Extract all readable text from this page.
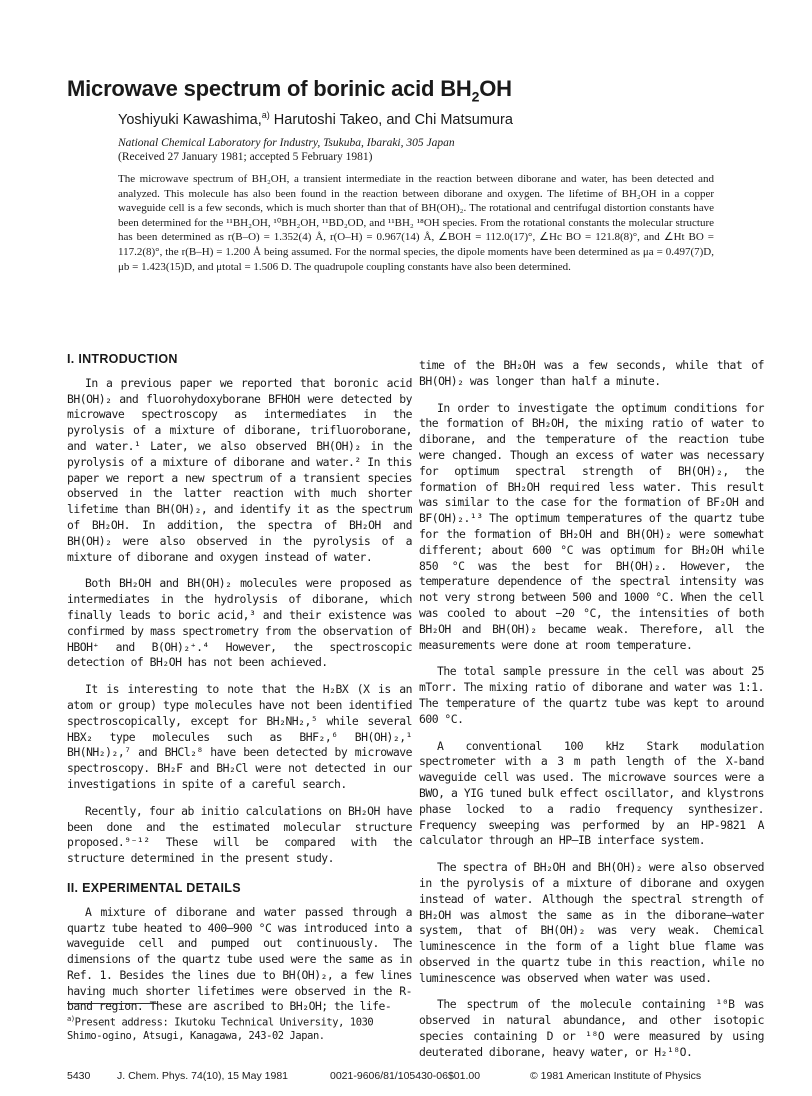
Microwave spectrum of borinic acid $BH_2OH$
Yoshiyuki Kawashima,$^{a)}$ Harutoshi Takeo, and Chi Matsumura
National Chemical Laboratory for Industry, Tsukuba, Ibaraki, 305 Japan
(Received 27 January 1981; accepted 5 February 1981)
The microwave spectrum of BH₂OH, a transient intermediate in the reaction between diborane and water, has been detected and analyzed. This molecule has also been found in the reaction between diborane and oxygen. The lifetime of BH₂OH in a copper waveguide cell is a few seconds, which is much shorter than that of BH(OH)₂. The rotational and centrifugal distortion constants have been determined for the ¹¹BH₂OH, ¹⁰BH₂OH, ¹¹BD₂OD, and ¹¹BH₂ ¹⁸OH species. From the rotational constants the molecular structure has been determined as r(B–O) = 1.352(4) Å, r(O–H) = 0.967(14) Å, ∠BOH = 112.0(17)°, ∠Hc BO = 121.8(8)°, and ∠Ht BO = 117.2(8)°, the r(B–H) = 1.200 Å being assumed. For the normal species, the dipole moments have been determined as μa = 0.497(7)D, μb = 1.423(15)D, and μtotal = 1.506 D. The quadrupole coupling constants have also been determined.
I. INTRODUCTION

In a previous paper we reported that boronic acid BH(OH)₂ and fluorohydoxyborane BFHOH were detected by microwave spectroscopy as intermediates in the pyrolysis of a mixture of diborane, trifluoroborane, and water.¹ Later, we also observed BH(OH)₂ in the pyrolysis of a mixture of diborane and water.² In this paper we report a new spectrum of a transient species observed in the latter reaction with much shorter lifetime than BH(OH)₂, and identify it as the spectrum of BH₂OH. In addition, the spectra of BH₂OH and BH(OH)₂ were also observed in the pyrolysis of a mixture of diborane and oxygen instead of water.

Both BH₂OH and BH(OH)₂ molecules were proposed as intermediates in the hydrolysis of diborane, which finally leads to boric acid,³ and their existence was confirmed by mass spectrometry from the observation of HBOH⁺ and B(OH)₂⁺.⁴ However, the spectroscopic detection of BH₂OH has not been achieved.

It is interesting to note that the H₂BX (X is an atom or group) type molecules have not been identified spectroscopically, except for BH₂NH₂,⁵ while several HBX₂ type molecules such as BHF₂,⁶ BH(OH)₂,¹ BH(NH₂)₂,⁷ and BHCl₂⁸ have been detected by microwave spectroscopy. BH₂F and BH₂Cl were not detected in our investigations in spite of a careful search.

Recently, four ab initio calculations on BH₂OH have been done and the estimated molecular structure proposed.⁹⁻¹² These will be compared with the structure determined in the present study.

II. EXPERIMENTAL DETAILS

A mixture of diborane and water passed through a quartz tube heated to 400–900 °C was introduced into a waveguide cell and pumped out continuously. The dimensions of the quartz tube used were the same as in Ref. 1. Besides the lines due to BH(OH)₂, a few lines having much shorter lifetimes were observed in the R-band region. These are ascribed to BH₂OH; the life-

time of the BH₂OH was a few seconds, while that of BH(OH)₂ was longer than half a minute.

In order to investigate the optimum conditions for the formation of BH₂OH, the mixing ratio of water to diborane, and the temperature of the reaction tube were changed. Though an excess of water was necessary for optimum spectral strength of BH(OH)₂, the formation of BH₂OH required less water. This result was similar to the case for the formation of BF₂OH and BF(OH)₂.¹³ The optimum temperatures of the quartz tube for the formation of BH₂OH and BH(OH)₂ were somewhat different; about 600 °C was optimum for BH₂OH while 850 °C was the best for BH(OH)₂. However, the temperature dependence of the spectral intensity was not very strong between 500 and 1000 °C. When the cell was cooled to about −20 °C, the intensities of both BH₂OH and BH(OH)₂ became weak. Therefore, all the measurements were done at room temperature.

The total sample pressure in the cell was about 25 mTorr. The mixing ratio of diborane and water was 1:1. The temperature of the quartz tube was kept to around 600 °C.

A conventional 100 kHz Stark modulation spectrometer with a 3 m path length of the X-band waveguide cell was used. The microwave sources were a BWO, a YIG tuned bulk effect oscillator, and klystrons phase locked to a radio frequency synthesizer. Frequency sweeping was performed by an HP-9821 A calculator through an HP–IB interface system.

The spectra of BH₂OH and BH(OH)₂ were also observed in the pyrolysis of a mixture of diborane and oxygen instead of water. Although the spectral strength of BH₂OH was almost the same as in the diborane–water system, that of BH(OH)₂ was very weak. Chemical luminescence in the form of a light blue flame was observed in the quartz tube in this reaction, while no luminescence was observed when water was used.

The spectrum of the molecule containing ¹⁰B was observed in natural abundance, and other isotopic species containing D or ¹⁸O were measured by using deuterated diborane, heavy water, or H₂¹⁸O.

$^{a)}$Present address: Ikutoku Technical University, 1030 Shimo-ogino, Atsugi, Kanagawa, 243-02 Japan.
5430	J. Chem. Phys. 74(10), 15 May 1981	0021-9606/81/105430-06$01.00	© 1981 American Institute of Physics
